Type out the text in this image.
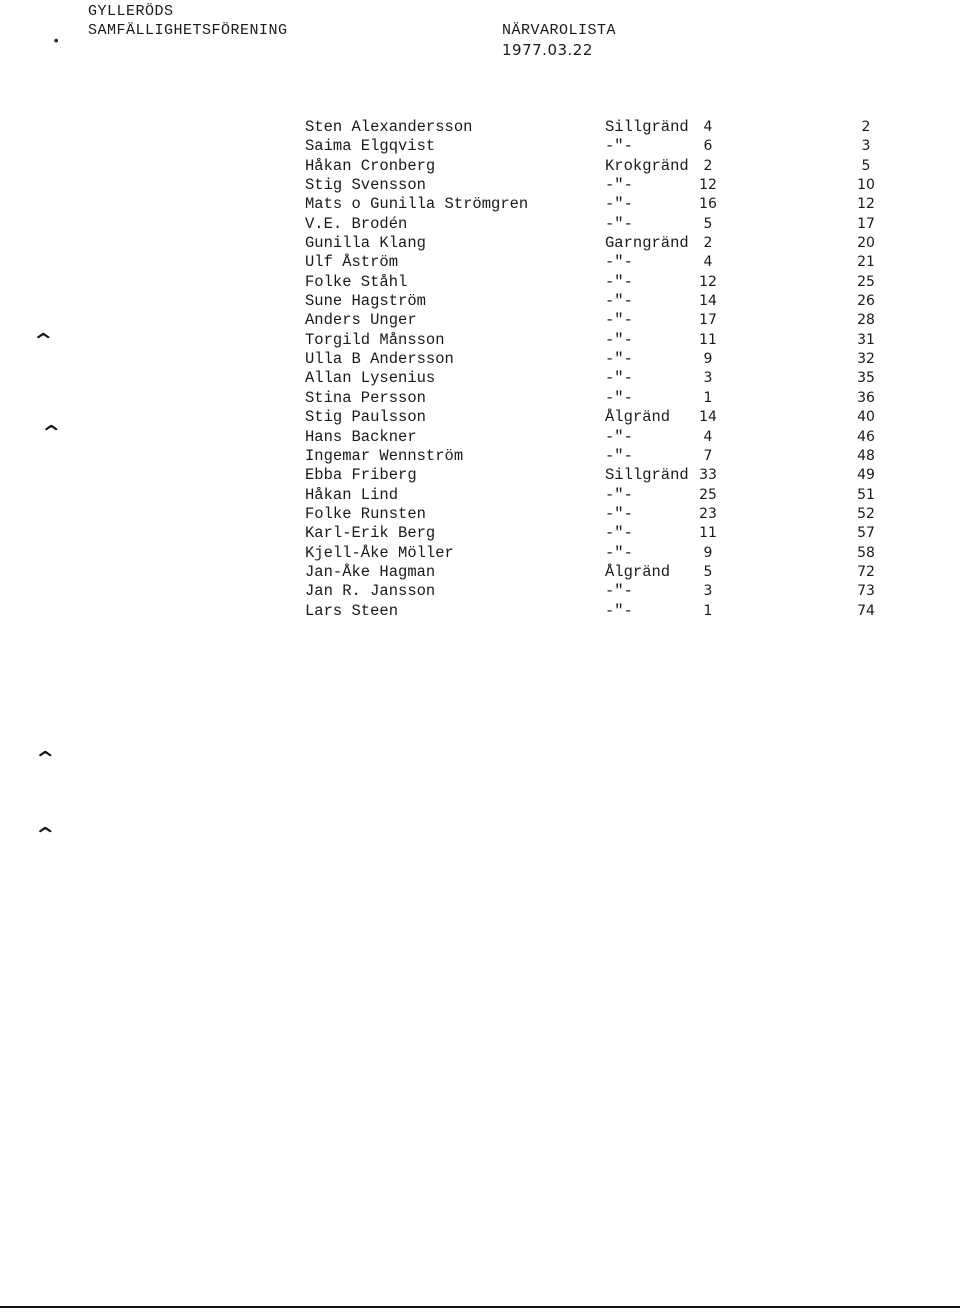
GYLLERÖDS
SAMFÄLLIGHETSFÖRENING	NÄRVAROLISTA
1977.03.22
Sten Alexandersson	Sillgränd	4	2
Saima Elgqvist	-"-	6	3
Håkan Cronberg	Krokgränd	2	5
Stig Svensson	-"-	12	10
Mats o Gunilla Strömgren	-"-	16	12
V.E. Brodén	-"-	5	17
Gunilla Klang	Garngränd	2	20
Ulf Åström	-"-	4	21
Folke Ståhl	-"-	12	25
Sune Hagström	-"-	14	26
Anders Unger	-"-	17	28
Torgild Månsson	-"-	11	31
Ulla B Andersson	-"-	9	32
Allan Lysenius	-"-	3	35
Stina Persson	-"-	1	36
Stig Paulsson	Ålgränd 14	40
Hans Backner	-"-	4	46
Ingemar Wennström	-"-	7	48
Ebba Friberg	Sillgränd 33	49
Håkan Lind	-"-	25	51
Folke Runsten	-"-	23	52
Karl-Erik Berg	-"-	11	57
Kjell-Åke Möller	-"-	9	58
Jan-Åke Hagman	Ålgränd	5	72
Jan R. Jansson	-"-	3	73
Lars Steen	-"-	1	74
⌃
⌃
⌃
⌃
•
